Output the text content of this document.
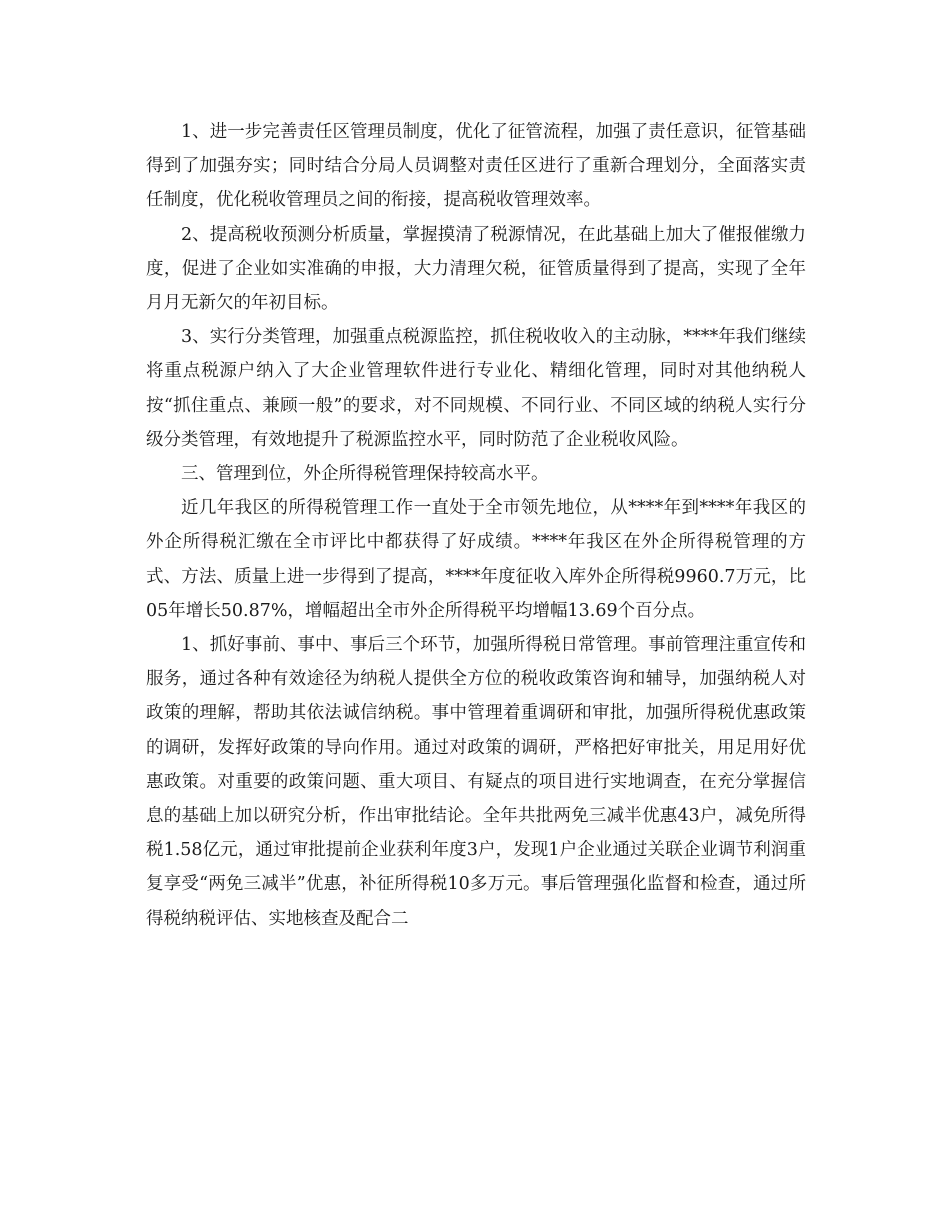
1、进一步完善责任区管理员制度，优化了征管流程，加强了责任意识，征管基础得到了加强夯实；同时结合分局人员调整对责任区进行了重新合理划分，全面落实责任制度，优化税收管理员之间的衔接，提高税收管理效率。

2、提高税收预测分析质量，掌握摸清了税源情况，在此基础上加大了催报催缴力度，促进了企业如实准确的申报，大力清理欠税，征管质量得到了提高，实现了全年月月无新欠的年初目标。

3、实行分类管理，加强重点税源监控，抓住税收收入的主动脉，****年我们继续将重点税源户纳入了大企业管理软件进行专业化、精细化管理，同时对其他纳税人按“抓住重点、兼顾一般”的要求，对不同规模、不同行业、不同区域的纳税人实行分级分类管理，有效地提升了税源监控水平，同时防范了企业税收风险。

三、管理到位，外企所得税管理保持较高水平。

近几年我区的所得税管理工作一直处于全市领先地位，从****年到****年我区的外企所得税汇缴在全市评比中都获得了好成绩。****年我区在外企所得税管理的方式、方法、质量上进一步得到了提高，****年度征收入库外企所得税9960.7万元，比05年增长50.87%，增幅超出全市外企所得税平均增幅13.69个百分点。

1、抓好事前、事中、事后三个环节，加强所得税日常管理。事前管理注重宣传和服务，通过各种有效途径为纳税人提供全方位的税收政策咨询和辅导，加强纳税人对政策的理解，帮助其依法诚信纳税。事中管理着重调研和审批，加强所得税优惠政策的调研，发挥好政策的导向作用。通过对政策的调研，严格把好审批关，用足用好优惠政策。对重要的政策问题、重大项目、有疑点的项目进行实地调查，在充分掌握信息的基础上加以研究分析，作出审批结论。全年共批两免三减半优惠43户，减免所得税1.58亿元，通过审批提前企业获利年度3户，发现1户企业通过关联企业调节利润重复享受“两免三减半”优惠，补征所得税10多万元。事后管理强化监督和检查，通过所得税纳税评估、实地核查及配合二
